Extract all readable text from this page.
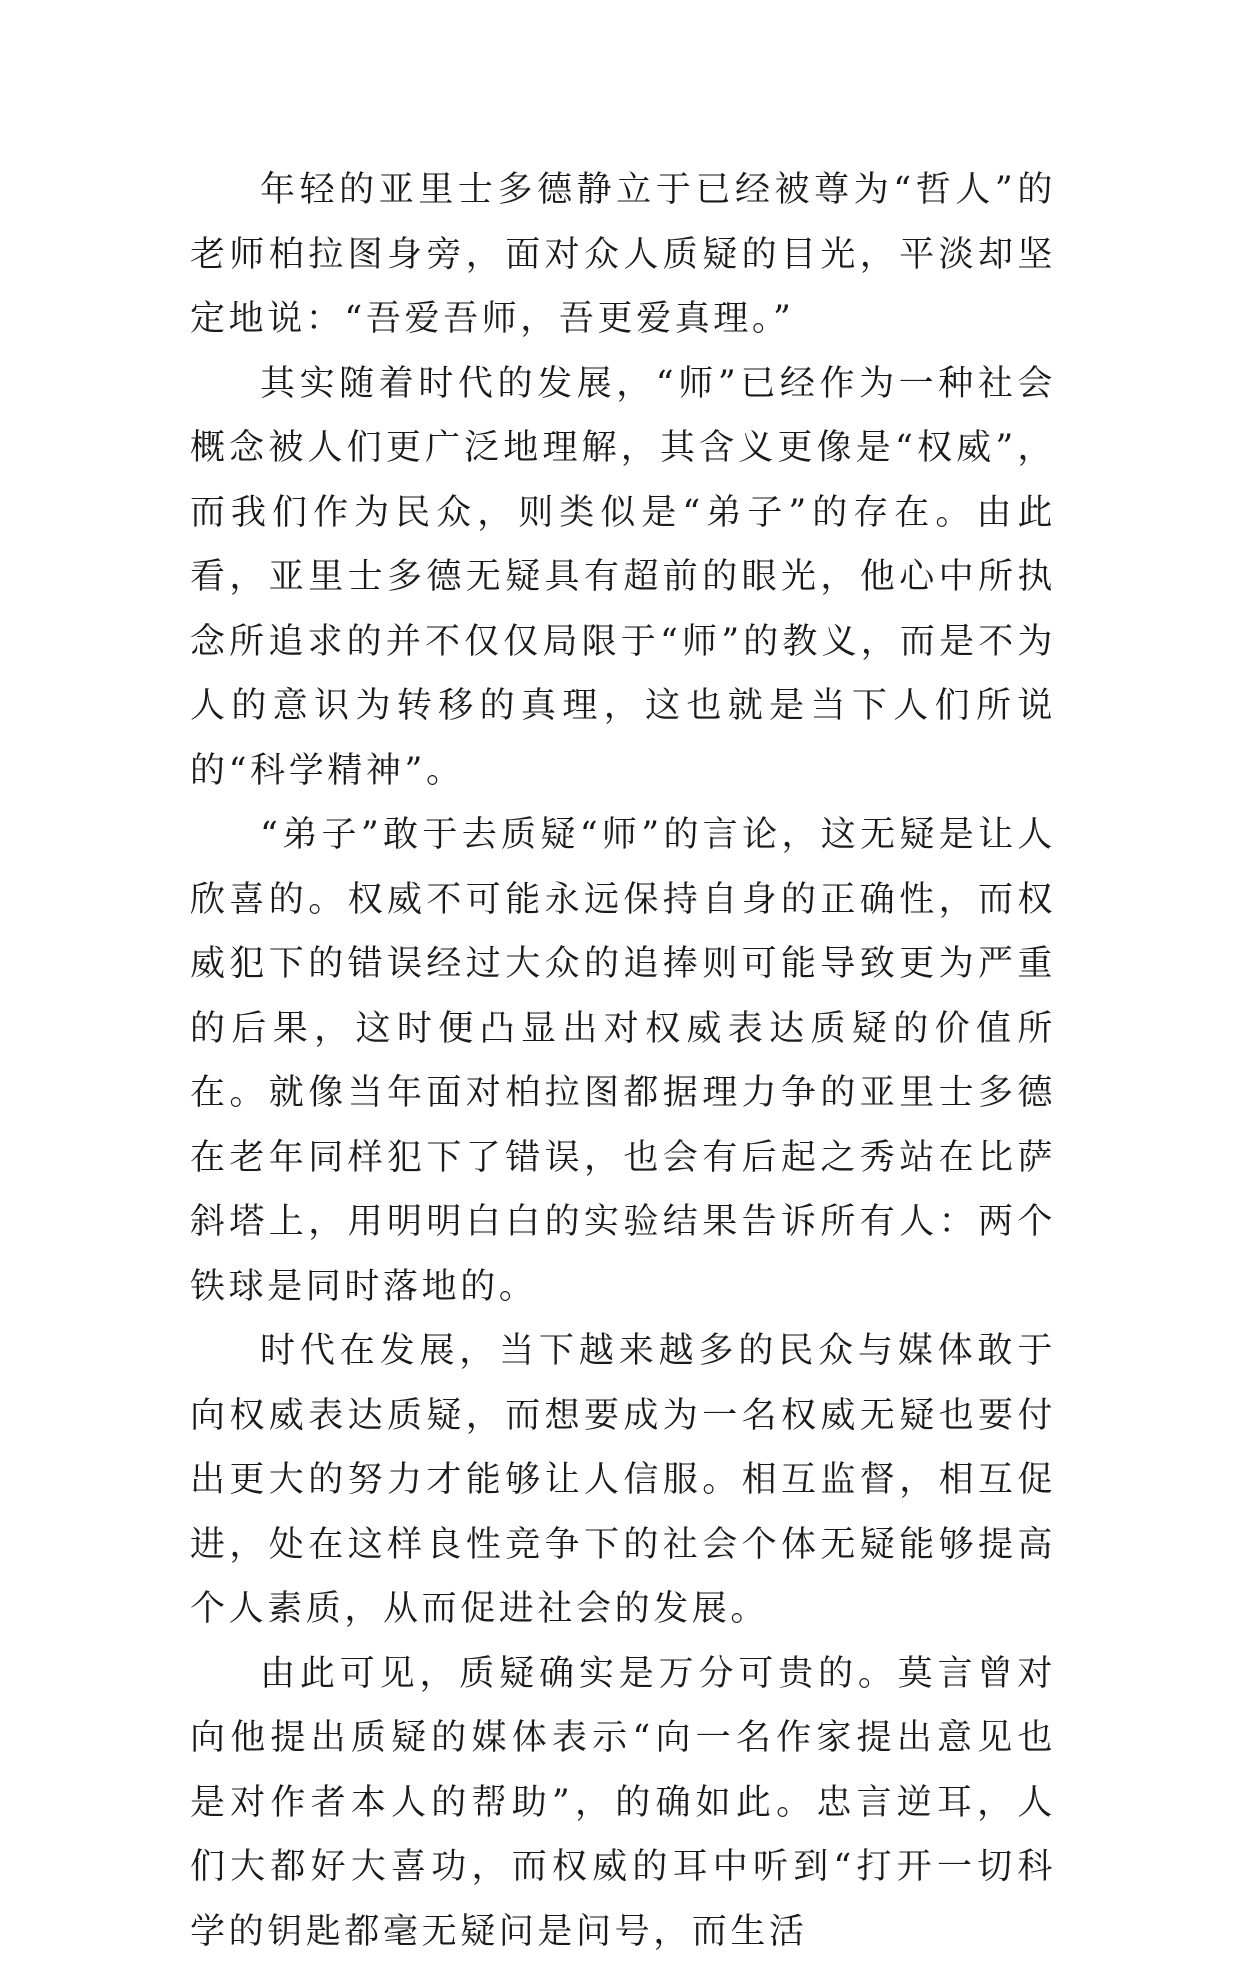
年轻的亚里士多德静立于已经被尊为“哲人”的老师柏拉图身旁，面对众人质疑的目光，平淡却坚定地说：“吾爱吾师，吾更爱真理。”

其实随着时代的发展，“师”已经作为一种社会概念被人们更广泛地理解，其含义更像是“权威”，而我们作为民众，则类似是“弟子”的存在。由此看，亚里士多德无疑具有超前的眼光，他心中所执念所追求的并不仅仅局限于“师”的教义，而是不为人的意识为转移的真理，这也就是当下人们所说的“科学精神”。

“弟子”敢于去质疑“师”的言论，这无疑是让人欣喜的。权威不可能永远保持自身的正确性，而权威犯下的错误经过大众的追捧则可能导致更为严重的后果，这时便凸显出对权威表达质疑的价值所在。就像当年面对柏拉图都据理力争的亚里士多德在老年同样犯下了错误，也会有后起之秀站在比萨斜塔上，用明明白白的实验结果告诉所有人：两个铁球是同时落地的。

时代在发展，当下越来越多的民众与媒体敢于向权威表达质疑，而想要成为一名权威无疑也要付出更大的努力才能够让人信服。相互监督，相互促进，处在这样良性竞争下的社会个体无疑能够提高个人素质，从而促进社会的发展。

由此可见，质疑确实是万分可贵的。莫言曾对向他提出质疑的媒体表示“向一名作家提出意见也是对作者本人的帮助”，的确如此。忠言逆耳，人们大都好大喜功，而权威的耳中听到“打开一切科学的钥匙都毫无疑问是问号，而生活
